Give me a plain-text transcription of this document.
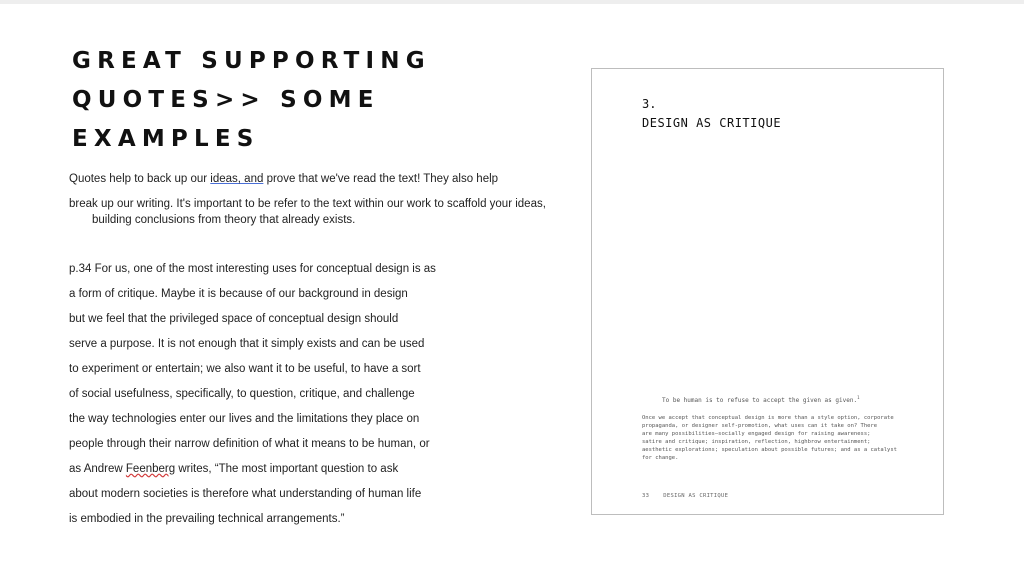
GREAT SUPPORTING
QUOTES>> SOME
EXAMPLES

Quotes help to back up our ideas, and prove that we've read the text! They also help

break up our writing. It's important to be refer to the text within our work to scaffold your ideas,
building conclusions from theory that already exists.

p.34 For us, one of the most interesting uses for conceptual design is as
a form of critique. Maybe it is because of our background in design
but we feel that the privileged space of conceptual design should
serve a purpose. It is not enough that it simply exists and can be used
to experiment or entertain; we also want it to be useful, to have a sort
of social usefulness, specifically, to question, critique, and challenge
the way technologies enter our lives and the limitations they place on
people through their narrow definition of what it means to be human, or
as Andrew Feenberg writes, “The most important question to ask
about modern societies is therefore what understanding of human life
is embodied in the prevailing technical arrangements.”
3.
DESIGN AS CRITIQUE
To be human is to refuse to accept the given as given.$^1$
Once we accept that conceptual design is more than a style option, corporate
propaganda, or designer self-promotion, what uses can it take on? There
are many possibilities—socially engaged design for raising awareness;
satire and critique; inspiration, reflection, highbrow entertainment;
aesthetic explorations; speculation about possible futures; and as a catalyst
for change.
33	DESIGN AS CRITIQUE
